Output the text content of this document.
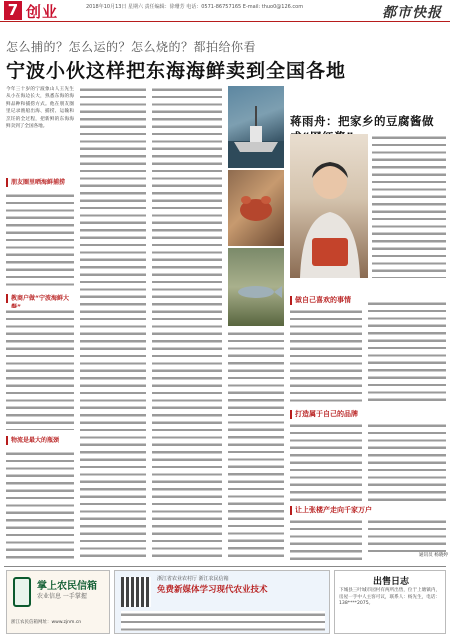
7 创业	2018年10月13日 星期六 责任编辑：徐珊芳 电话：0571-86757165 E-mail: thuo0@126.com	都市快报
怎么捕的？怎么运的？怎么烧的？都拍给你看
宁波小伙这样把东海海鲜卖到全国各地
今年三十岁的宁波象山人王先生从小在海边长大，熟悉东海的海鲜品种和捕捞方式。他在朋友圈里记录渔船出海、捕捞、运输和烹饪的全过程，把新鲜的东海海鲜卖到了全国各地。
朋友圈里晒海鲜捕捞
教商户做“宁波海鲜大
物流是最大的瓶颈
蒋雨舟：把家乡的豆腐酱做
做自己喜欢的事情
打造属于自己的品牌
让上张楼产走向千家万户
通讯员 杨晓婷
掌上农民信箱
农业信息 一手掌握
浙江农民信箱网址：www.zjnm.cn
浙江省农业农村厅 浙江农民信箱
免费新媒体学习现代农业技术
出售日志
下城县三叶城市园村有两所出售，位于上塘镇内，房屋一手中人主客可议，联系人：杨先生，电话：138****2075。
